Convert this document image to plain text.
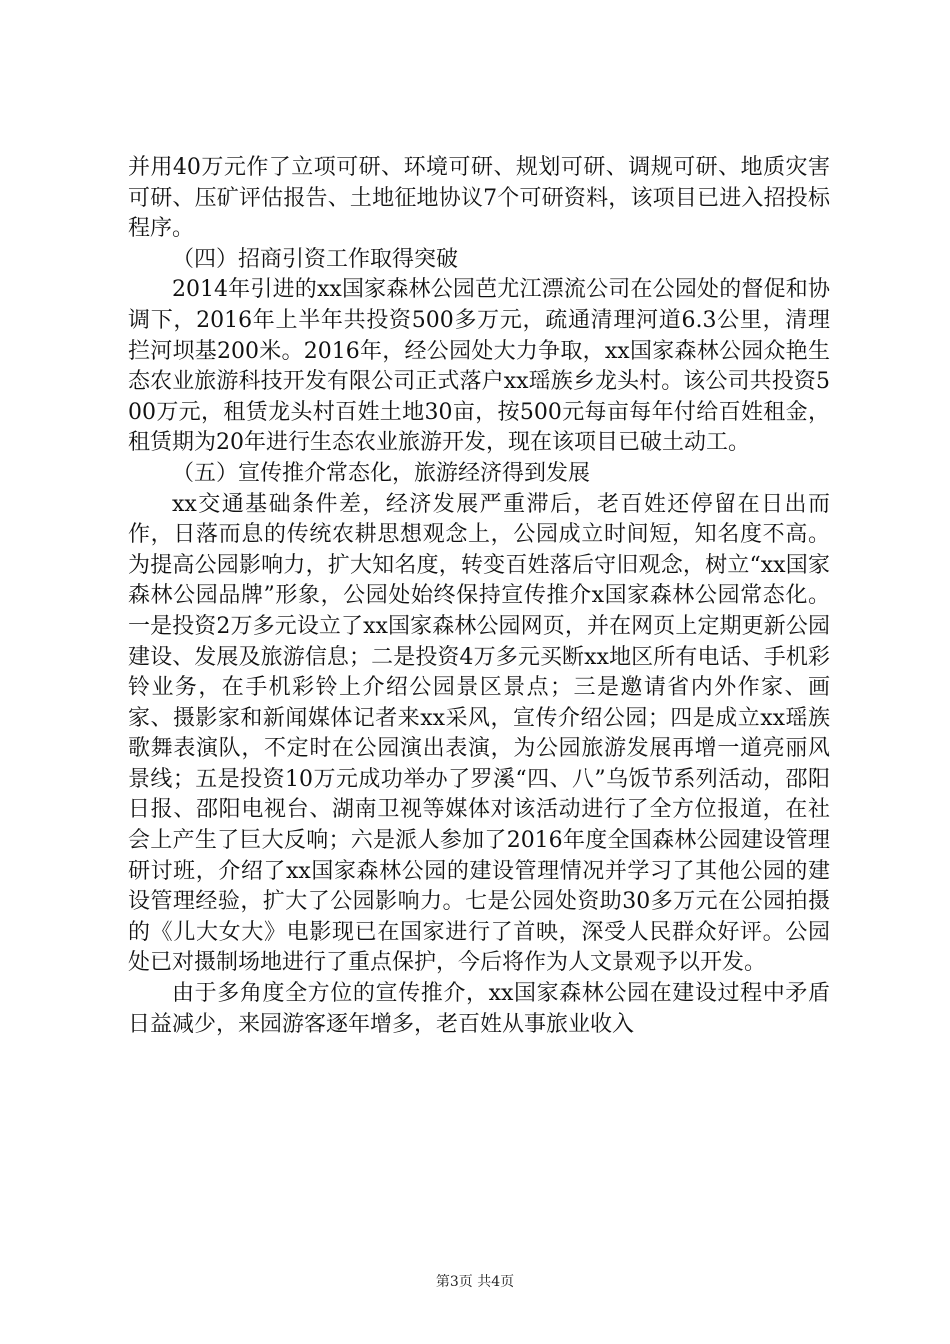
并用40万元作了立项可研、环境可研、规划可研、调规可研、地质灾害可研、压矿评估报告、土地征地协议7个可研资料，该项目已进入招投标程序。

（四）招商引资工作取得突破

2014年引进的xx国家森林公园芭尤江漂流公司在公园处的督促和协调下，2016年上半年共投资500多万元，疏通清理河道6.3公里，清理拦河坝基200米。2016年，经公园处大力争取，xx国家森林公园众艳生态农业旅游科技开发有限公司正式落户xx瑶族乡龙头村。该公司共投资500万元，租赁龙头村百姓土地30亩，按500元每亩每年付给百姓租金，租赁期为20年进行生态农业旅游开发，现在该项目已破土动工。

（五）宣传推介常态化，旅游经济得到发展

xx交通基础条件差，经济发展严重滞后，老百姓还停留在日出而作，日落而息的传统农耕思想观念上，公园成立时间短，知名度不高。为提高公园影响力，扩大知名度，转变百姓落后守旧观念，树立“xx国家森林公园品牌”形象，公园处始终保持宣传推介x国家森林公园常态化。一是投资2万多元设立了xx国家森林公园网页，并在网页上定期更新公园建设、发展及旅游信息；二是投资4万多元买断xx地区所有电话、手机彩铃业务，在手机彩铃上介绍公园景区景点；三是邀请省内外作家、画家、摄影家和新闻媒体记者来xx采风，宣传介绍公园；四是成立xx瑶族歌舞表演队，不定时在公园演出表演，为公园旅游发展再增一道亮丽风景线；五是投资10万元成功举办了罗溪“四、八”乌饭节系列活动，邵阳日报、邵阳电视台、湖南卫视等媒体对该活动进行了全方位报道，在社会上产生了巨大反响；六是派人参加了2016年度全国森林公园建设管理研讨班，介绍了xx国家森林公园的建设管理情况并学习了其他公园的建设管理经验，扩大了公园影响力。七是公园处资助30多万元在公园拍摄的《儿大女大》电影现已在国家进行了首映，深受人民群众好评。公园处已对摄制场地进行了重点保护，今后将作为人文景观予以开发。

由于多角度全方位的宣传推介，xx国家森林公园在建设过程中矛盾日益减少，来园游客逐年增多，老百姓从事旅业收入

第3页 共4页
